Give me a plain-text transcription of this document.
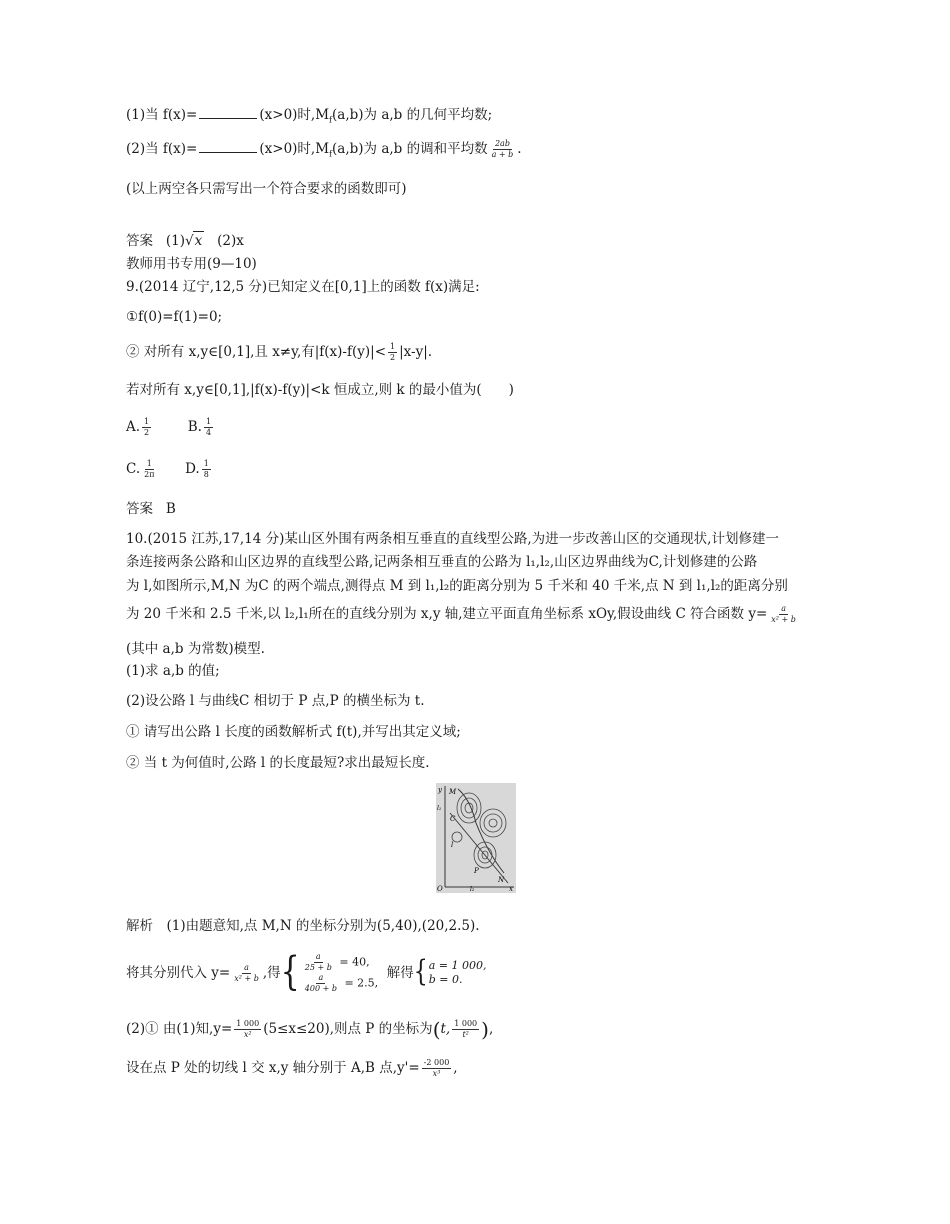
(1)当 f(x)=	(x>0)时$,M_f(a,b)$为 a,b 的几何平均数;
(2)当 f(x)=	(x>0)时$,M_f(a,b)$为 a,b 的调和平均数 $\frac{2ab}{a + b}$ .
(以上两空各只需写出一个符合要求的函数即可)
答案 (1)√x (2)x
教师用书专用(9—10)
9.(2014 辽宁,12,5 分)已知定义在[0,1]上的函数 f(x)满足:
①f(0)=f(1)=0;
② 对所有 x,y∈[0,1],且 x≠y,有$|f(x)-f(y)|< \frac{1}{2} |x-y|$.
若对所有 x,y∈[0,1],|f(x)-f(y)|<k 恒成立,则 k 的最小值为(　　)
A. $\frac{1}{2}$	B. $\frac{1}{4}$
C. $\frac{1}{2\pi} D$. $\frac{1}{8}$
答案 B
10.(2015 江苏,17,14 分)某山区外围有两条相互垂直的直线型公路,为进一步改善山区的交通现状,计划修建一
条连接两条公路和山区边界的直线型公路,记两条相互垂直的公路为 l₁,l₂,山区边界曲线为C,计划修建的公路
为 l,如图所示,M,N 为C 的两个端点,测得点 M 到 l₁,l₂的距离分别为 5 千米和 40 千米,点 N 到 l₁,l₂的距离分别
为 20 千米和 2.5 千米,以 l₂,l₁所在的直线分别为 x,y 轴,建立平面直角坐标系 xOy,假设曲线 C 符合函数 $y= \frac{a}{\text{x² + b}}$
(其中 a,b 为常数)模型.
(1)求 a,b 的值;
(2)设公路 l 与曲线C 相切于 P 点,P 的横坐标为 t.
① 请写出公路 l 长度的函数解析式 f(t),并写出其定义域;
② 当 t 为何值时,公路 l 的长度最短?求出最短长度.
y M
l₁
C
l
P
N
O	l₂	x
解析　(1)由题意知,点 M,N 的坐标分别为(5,40),(20,2.5).
将其分别代入 $y= \frac{a}{\text{x² + b}}$ ,得 { $\frac{a}{25 + b} = 40$,
$\frac{a}{400 + b} = 2.5$,

解得 { a = 1 000,
b = 0.
(2)① 由(1)知$,y= \frac{1 000}{\text{x²}} (5\le x\le 20)$,则点 P 的坐标为(t, $\frac{1 000}{\text{t²}}$ ),
设在点 P 处的切线 l 交 x,y 轴分别于 A,B 点$,y'= \frac{-2 000}{\text{x³}}$ ,
